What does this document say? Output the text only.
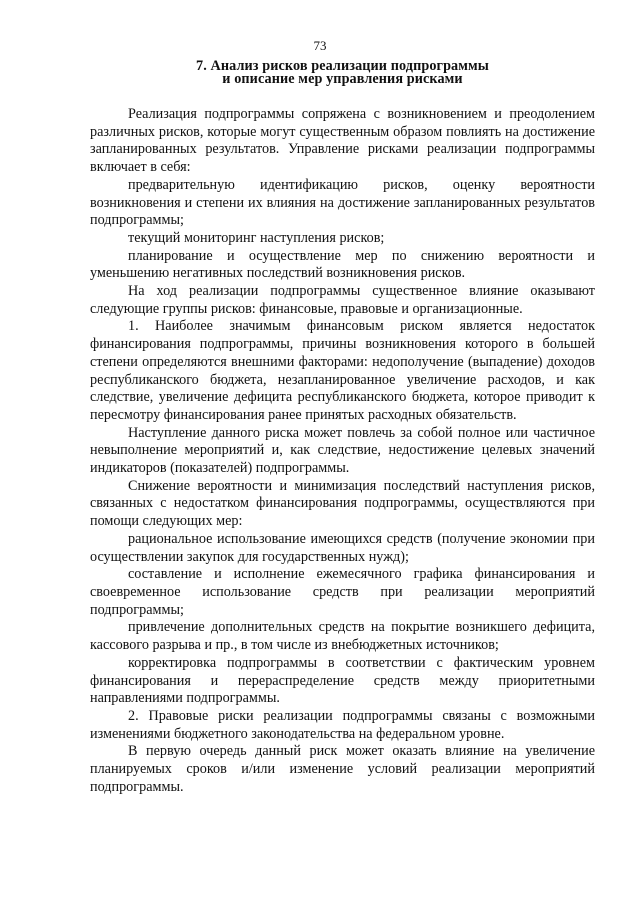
73
7. Анализ рисков реализации подпрограммы
и описание мер управления рисками

Реализация подпрограммы сопряжена с возникновением и преодолением различных рисков, которые могут существенным образом повлиять на достижение запланированных результатов. Управление рисками реализации подпрограммы включает в себя:

предварительную идентификацию рисков, оценку вероятности возникновения и степени их влияния на достижение запланированных результатов подпрограммы;

текущий мониторинг наступления рисков;

планирование и осуществление мер по снижению вероятности и уменьшению негативных последствий возникновения рисков.

На ход реализации подпрограммы существенное влияние оказывают следующие группы рисков: финансовые, правовые и организационные.

1. Наиболее значимым финансовым риском является недостаток финансирования подпрограммы, причины возникновения которого в большей степени определяются внешними факторами: недополучение (выпадение) доходов республиканского бюджета, незапланированное увеличение расходов, и как следствие, увеличение дефицита республиканского бюджета, которое приводит к пересмотру финансирования ранее принятых расходных обязательств.

Наступление данного риска может повлечь за собой полное или частичное невыполнение мероприятий и, как следствие, недостижение целевых значений индикаторов (показателей) подпрограммы.

Снижение вероятности и минимизация последствий наступления рисков, связанных с недостатком финансирования подпрограммы, осуществляются при помощи следующих мер:

рациональное использование имеющихся средств (получение экономии при осуществлении закупок для государственных нужд);

составление и исполнение ежемесячного графика финансирования и своевременное использование средств при реализации мероприятий подпрограммы;

привлечение дополнительных средств на покрытие возникшего дефицита, кассового разрыва и пр., в том числе из внебюджетных источников;

корректировка подпрограммы в соответствии с фактическим уровнем финансирования и перераспределение средств между приоритетными направлениями подпрограммы.

2. Правовые риски реализации подпрограммы связаны с возможными изменениями бюджетного законодательства на федеральном уровне.

В первую очередь данный риск может оказать влияние на увеличение планируемых сроков и/или изменение условий реализации мероприятий подпрограммы.
